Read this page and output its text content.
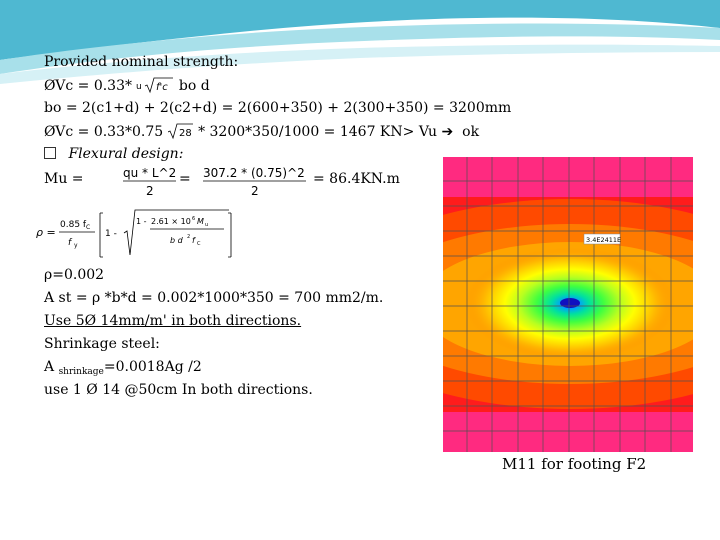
Provided nominal strength:
ØVc = 0.33* u f'c bo d
bo = 2(c1+d) + 2(c2+d) = 2(600+350) + 2(300+350) = 3200mm
ØVc = 0.33*0.75 28 * 3200*350/1000 = 1467 KN> Vu ➔  ok
Flexural design:
Mu =	qu * L^2
2
= 307.2 * (0.75)^2
2
= 86.4KN.m
ρ =
0.85 f C
f y
1 -
1 - 2.61 × 10 6 M u
b d 2 f C
ρ=0.002
A st = ρ *b*d = 0.002*1000*350 = 700 mm2/m.
Use 5Ø 14mm/m' in both directions.
Shrinkage steel:
A $_{shrinkage}$=0.0018Ag /2
use 1 Ø 14 @50cm In both directions.
3.4E2411E
M11 for footing F2
